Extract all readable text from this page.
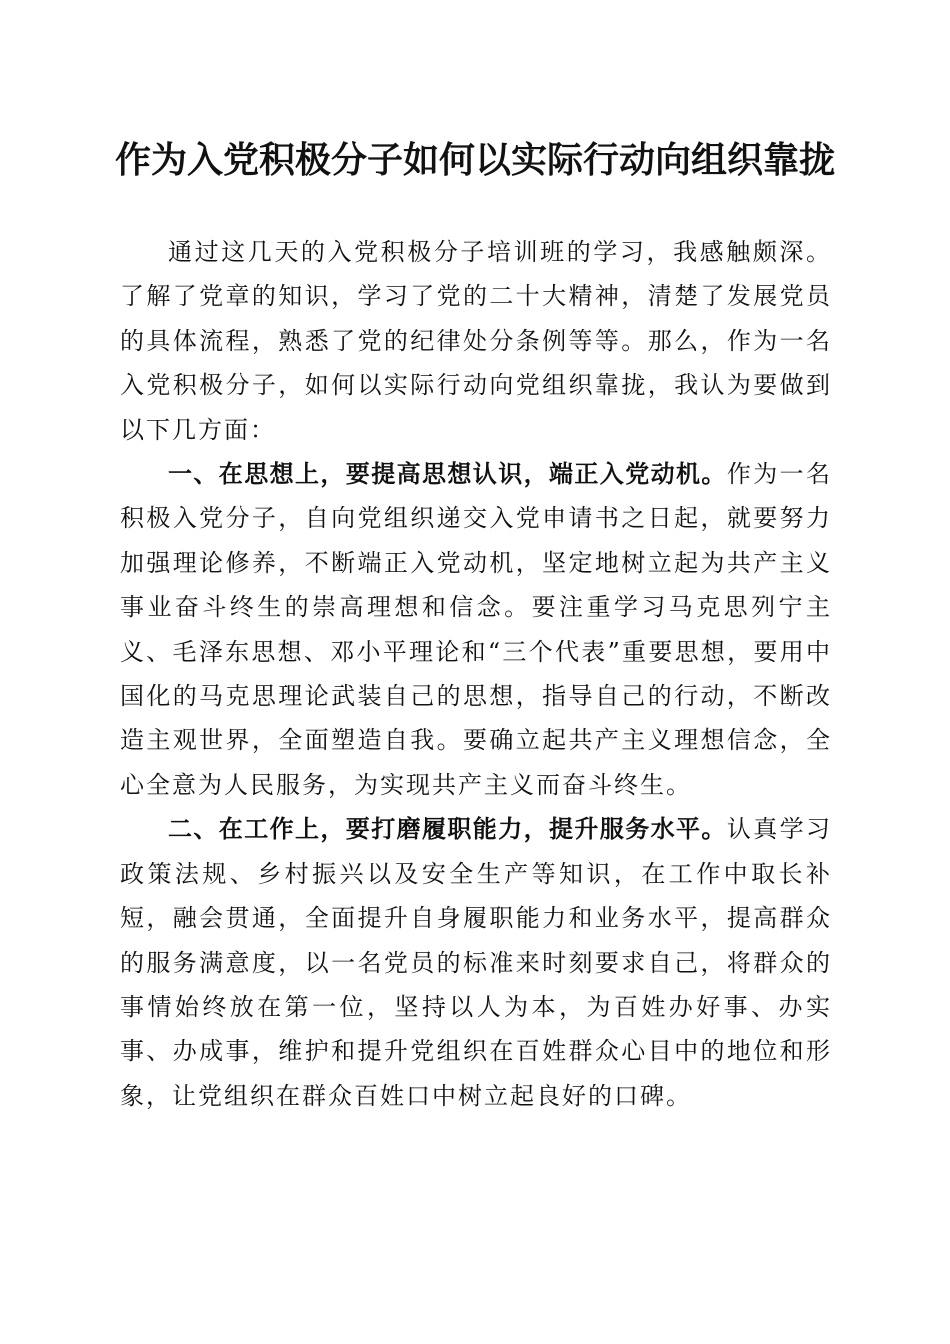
作为入党积极分子如何以实际行动向组织靠拢

通过这几天的入党积极分子培训班的学习，我感触颇深。了解了党章的知识，学习了党的二十大精神，清楚了发展党员的具体流程，熟悉了党的纪律处分条例等等。那么，作为一名入党积极分子，如何以实际行动向党组织靠拢，我认为要做到以下几方面：

一、在思想上，要提高思想认识，端正入党动机。作为一名积极入党分子，自向党组织递交入党申请书之日起，就要努力加强理论修养，不断端正入党动机，坚定地树立起为共产主义事业奋斗终生的崇高理想和信念。要注重学习马克思列宁主义、毛泽东思想、邓小平理论和“三个代表”重要思想，要用中国化的马克思理论武装自己的思想，指导自己的行动，不断改造主观世界，全面塑造自我。要确立起共产主义理想信念，全心全意为人民服务，为实现共产主义而奋斗终生。

二、在工作上，要打磨履职能力，提升服务水平。认真学习政策法规、乡村振兴以及安全生产等知识，在工作中取长补短，融会贯通，全面提升自身履职能力和业务水平，提高群众的服务满意度，以一名党员的标准来时刻要求自己，将群众的事情始终放在第一位，坚持以人为本，为百姓办好事、办实事、办成事，维护和提升党组织在百姓群众心目中的地位和形象，让党组织在群众百姓口中树立起良好的口碑。
